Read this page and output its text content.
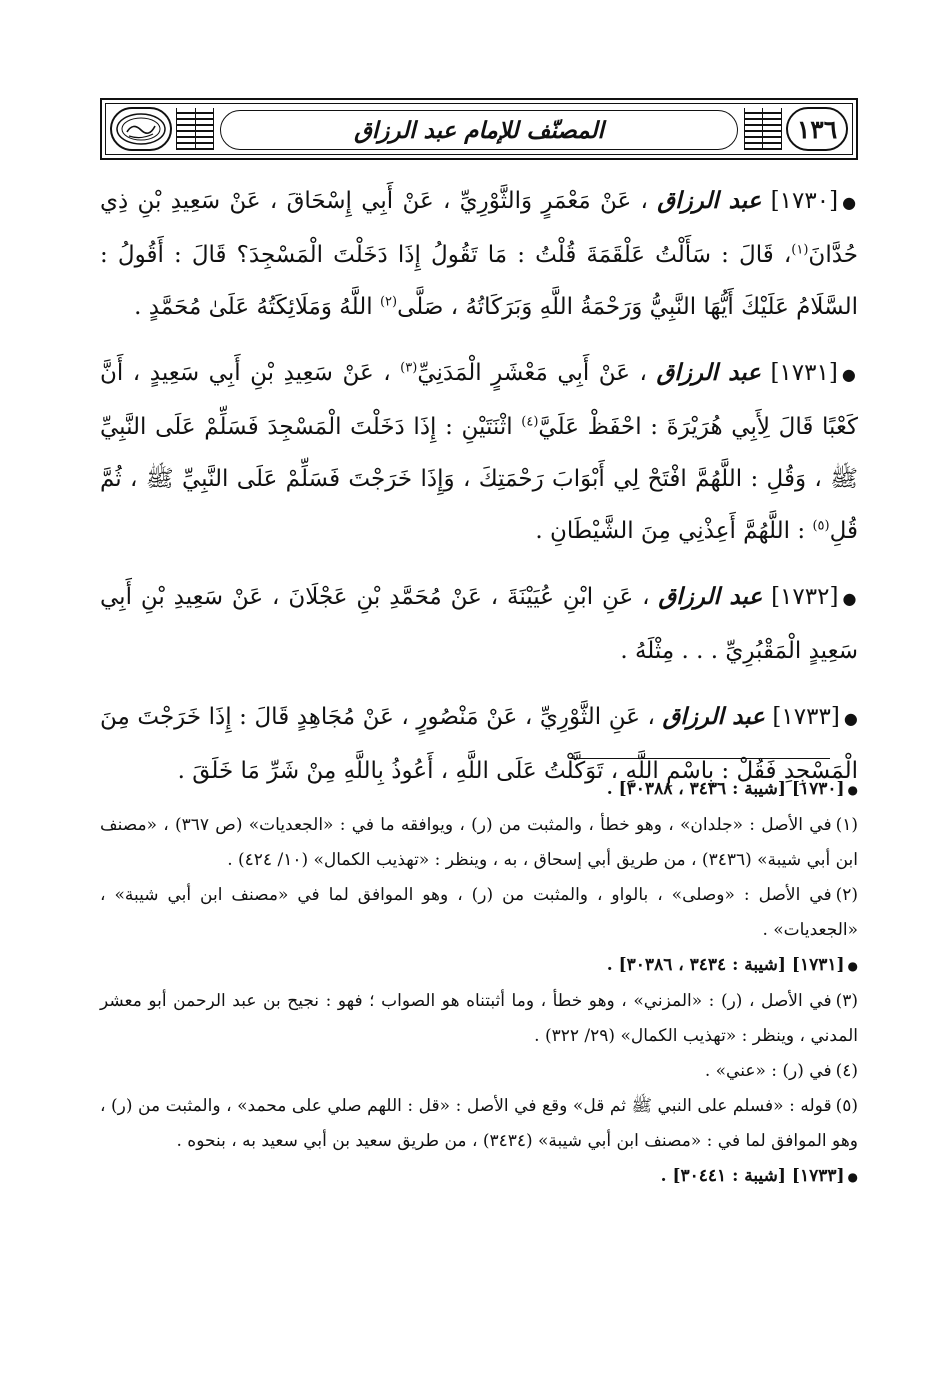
١٣٦
المصنّف للإمام عبد الرزاق

●[١٧٣٠] عبد الرزاق ، عَنْ مَعْمَرٍ وَالثَّوْرِيِّ ، عَنْ أَبِي إِسْحَاقَ ، عَنْ سَعِيدِ بْنِ ذِي حُدَّانَ$^{(١)}$، قَالَ : سَأَلْتُ عَلْقَمَةَ قُلْتُ : مَا تَقُولُ إِذَا دَخَلْتَ الْمَسْجِدَ؟ قَالَ : أَقُولُ : السَّلَامُ عَلَيْكَ أَيُّهَا النَّبِيُّ وَرَحْمَةُ اللَّهِ وَبَرَكَاتُهُ ، صَلَّى$^{(٢)}$ اللَّهُ وَمَلَائِكَتُهُ عَلَىٰ مُحَمَّدٍ .

●[١٧٣١] عبد الرزاق ، عَنْ أَبِي مَعْشَرٍ الْمَدَنِيِّ$^{(٣)}$ ، عَنْ سَعِيدِ بْنِ أَبِي سَعِيدٍ ، أَنَّ كَعْبًا قَالَ لِأَبِي هُرَيْرَةَ : احْفَظْ عَلَيَّ$^{(٤)}$ اثْنَتَيْنِ : إِذَا دَخَلْتَ الْمَسْجِدَ فَسَلِّمْ عَلَى النَّبِيِّ ﷺ ، وَقُلِ : اللَّهُمَّ افْتَحْ لِي أَبْوَابَ رَحْمَتِكَ ، وَإِذَا خَرَجْتَ فَسَلِّمْ عَلَى النَّبِيِّ ﷺ ، ثُمَّ قُلِ$^{(٥)}$ : اللَّهُمَّ أَعِذْنِي مِنَ الشَّيْطَانِ .

●[١٧٣٢] عبد الرزاق ، عَنِ ابْنِ عُيَيْنَةَ ، عَنْ مُحَمَّدِ بْنِ عَجْلَانَ ، عَنْ سَعِيدِ بْنِ أَبِي سَعِيدٍ الْمَقْبُرِيِّ . . . مِثْلَهُ .

●[١٧٣٣] عبد الرزاق ، عَنِ الثَّوْرِيِّ ، عَنْ مَنْصُورٍ ، عَنْ مُجَاهِدٍ قَالَ : إِذَا خَرَجْتَ مِنَ الْمَسْجِدِ فَقُلْ : بِاسْمِ اللَّهِ ، تَوَكَّلْتُ عَلَى اللَّهِ ، أَعُوذُ بِاللَّهِ مِنْ شَرِّ مَا خَلَقَ .

●[١٧٣٠] [شيبة : ٣٤٣٦ ، ٣٠٣٨٨] .

(١)في الأصل : «جلدان» ، وهو خطأ ، والمثبت من (ر) ، ويوافقه ما في : «الجعديات» (ص ٣٦٧) ، «مصنف ابن أبي شيبة» (٣٤٣٦) ، من طريق أبي إسحاق ، به ، وينظر : «تهذيب الكمال» (١٠/ ٤٢٤) .

(٢)في الأصل : «وصلى» ، بالواو ، والمثبت من (ر) ، وهو الموافق لما في «مصنف ابن أبي شيبة» ، «الجعديات» .

●[١٧٣١] [شيبة : ٣٤٣٤ ، ٣٠٣٨٦] .

(٣)في الأصل ، (ر) : «المزني» ، وهو خطأ ، وما أثبتناه هو الصواب ؛ فهو : نجيح بن عبد الرحمن أبو معشر المدني ، وينظر : «تهذيب الكمال» (٢٩/ ٣٢٢) .

(٤)في (ر) : «عني» .

(٥)قوله : «فسلم على النبي ﷺ ثم قل» وقع في الأصل : «قل : اللهم صلي على محمد» ، والمثبت من (ر) ، وهو الموافق لما في : «مصنف ابن أبي شيبة» (٣٤٣٤) ، من طريق سعيد بن أبي سعيد به ، بنحوه .

●[١٧٣٣] [شيبة : ٣٠٤٤١] .
